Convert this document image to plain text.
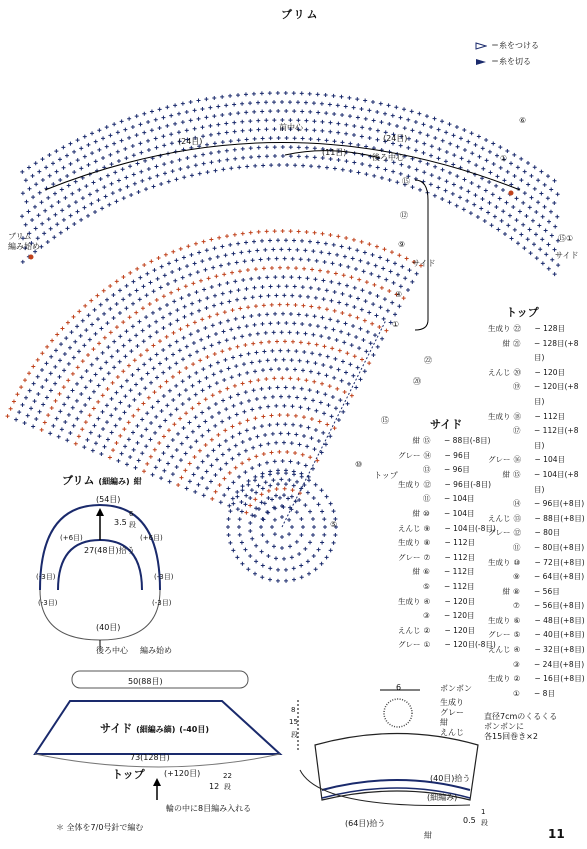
ブリム
＝糸をつける
＝糸を切る
前中心
(24目)	(24目)
(11目)
後ろ中心
ブリム
編み始め
サイド
サイド
トップ
⑮
⑫
⑨
④
①
⑥
①
⑮①
㉒
⑳
⑮
⑩
⑤
トップ
生成り ㉒	− 128目
紺 ㉑	− 128目(+8目)
えんじ ⑳	− 120目
⑲	− 120目(+8目)
生成り ⑱	− 112目
⑰	− 112目(+8目)
グレー ⑯	− 104目
紺 ⑮	− 104目(+8目)
⑭	− 96目(+8目)
えんじ ⑬	− 88目(+8目)
グレー ⑫	− 80目
⑪	− 80目(+8目)
生成り ⑩	− 72目(+8目)
⑨	− 64目(+8目)
紺 ⑧	− 56目
⑦	− 56目(+8目)
生成り ⑥	− 48目(+8目)
グレー ⑤	− 40目(+8目)
えんじ ④	− 32目(+8目)
③	− 24目(+8目)
生成り ②	− 16目(+8目)
①	− 8目
サイド
紺 ⑮	− 88目(-8目)
グレー ⑭	− 96目
⑬	− 96目
生成り ⑫	− 96目(-8目)
⑪	− 104目
紺 ⑩	− 104目
えんじ ⑨	− 104目(-8目)
生成り ⑧	− 112目
グレー ⑦	− 112目
紺 ⑥	− 112目
⑤	− 112目
生成り ④	− 120目
③	− 120目
えんじ ②	− 120目
グレー ①	− 120目(-8目)
ブリム (細編み) 紺
(54目)
3.5
6
段
(+6目)	(+6目)
27(48目)拾う
(-3目)	(-3目)
(-3目)	(-3目)
(40目)
後ろ中心 編み始め
50(88目)
サイド (細編み縞) (-40目)
8
15
段
73(128目)
トップ (+120目)
12
22
段
輪の中に8目編み入れる
6	ボンボン
生成り
グレー
紺
えんじ
直径7cmのくるくる
ボンボンに
各15回巻き×2
(40目)拾う
(細編み)
紺
(64目)拾う	0.5
1
段
＊ 全体を7/0号針で編む	11
